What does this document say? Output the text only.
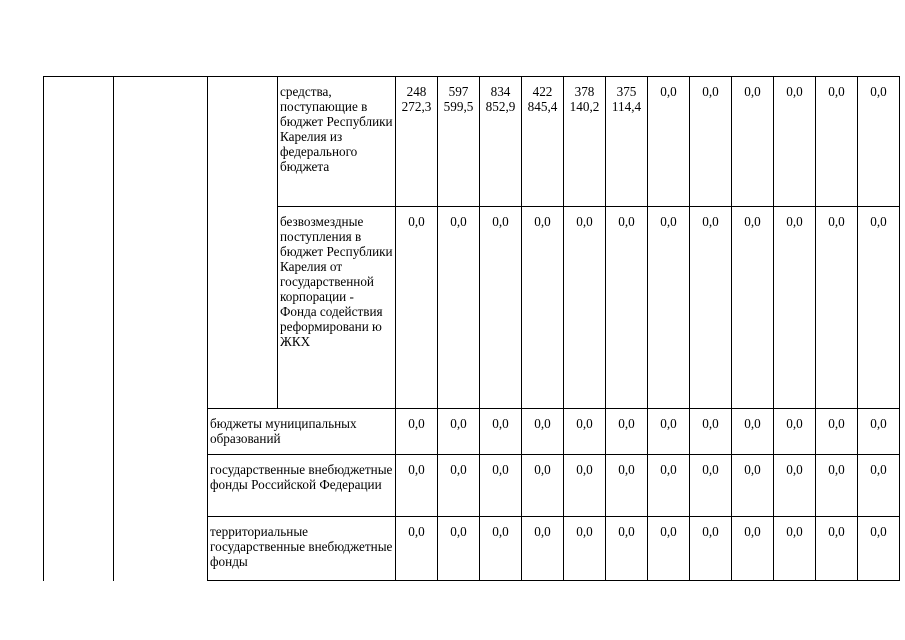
			средства, поступающие в бюджет Республики Карелия из федерального бюджета	248 272,3	597 599,5	834 852,9	422 845,4	378 140,2	375 114,4	0,0	0,0	0,0	0,0	0,0	0,0
			безвозмездные поступления в бюджет Республики Карелия от государственной корпорации - Фонда содействия реформировани ю ЖКХ	0,0	0,0	0,0	0,0	0,0	0,0	0,0	0,0	0,0	0,0	0,0	0,0
		бюджеты муниципальных образований		0,0	0,0	0,0	0,0	0,0	0,0	0,0	0,0	0,0	0,0	0,0	0,0
		государственные внебюджетные фонды Российской Федерации		0,0	0,0	0,0	0,0	0,0	0,0	0,0	0,0	0,0	0,0	0,0	0,0
		территориальные государственные внебюджетные фонды		0,0	0,0	0,0	0,0	0,0	0,0	0,0	0,0	0,0	0,0	0,0	0,0
